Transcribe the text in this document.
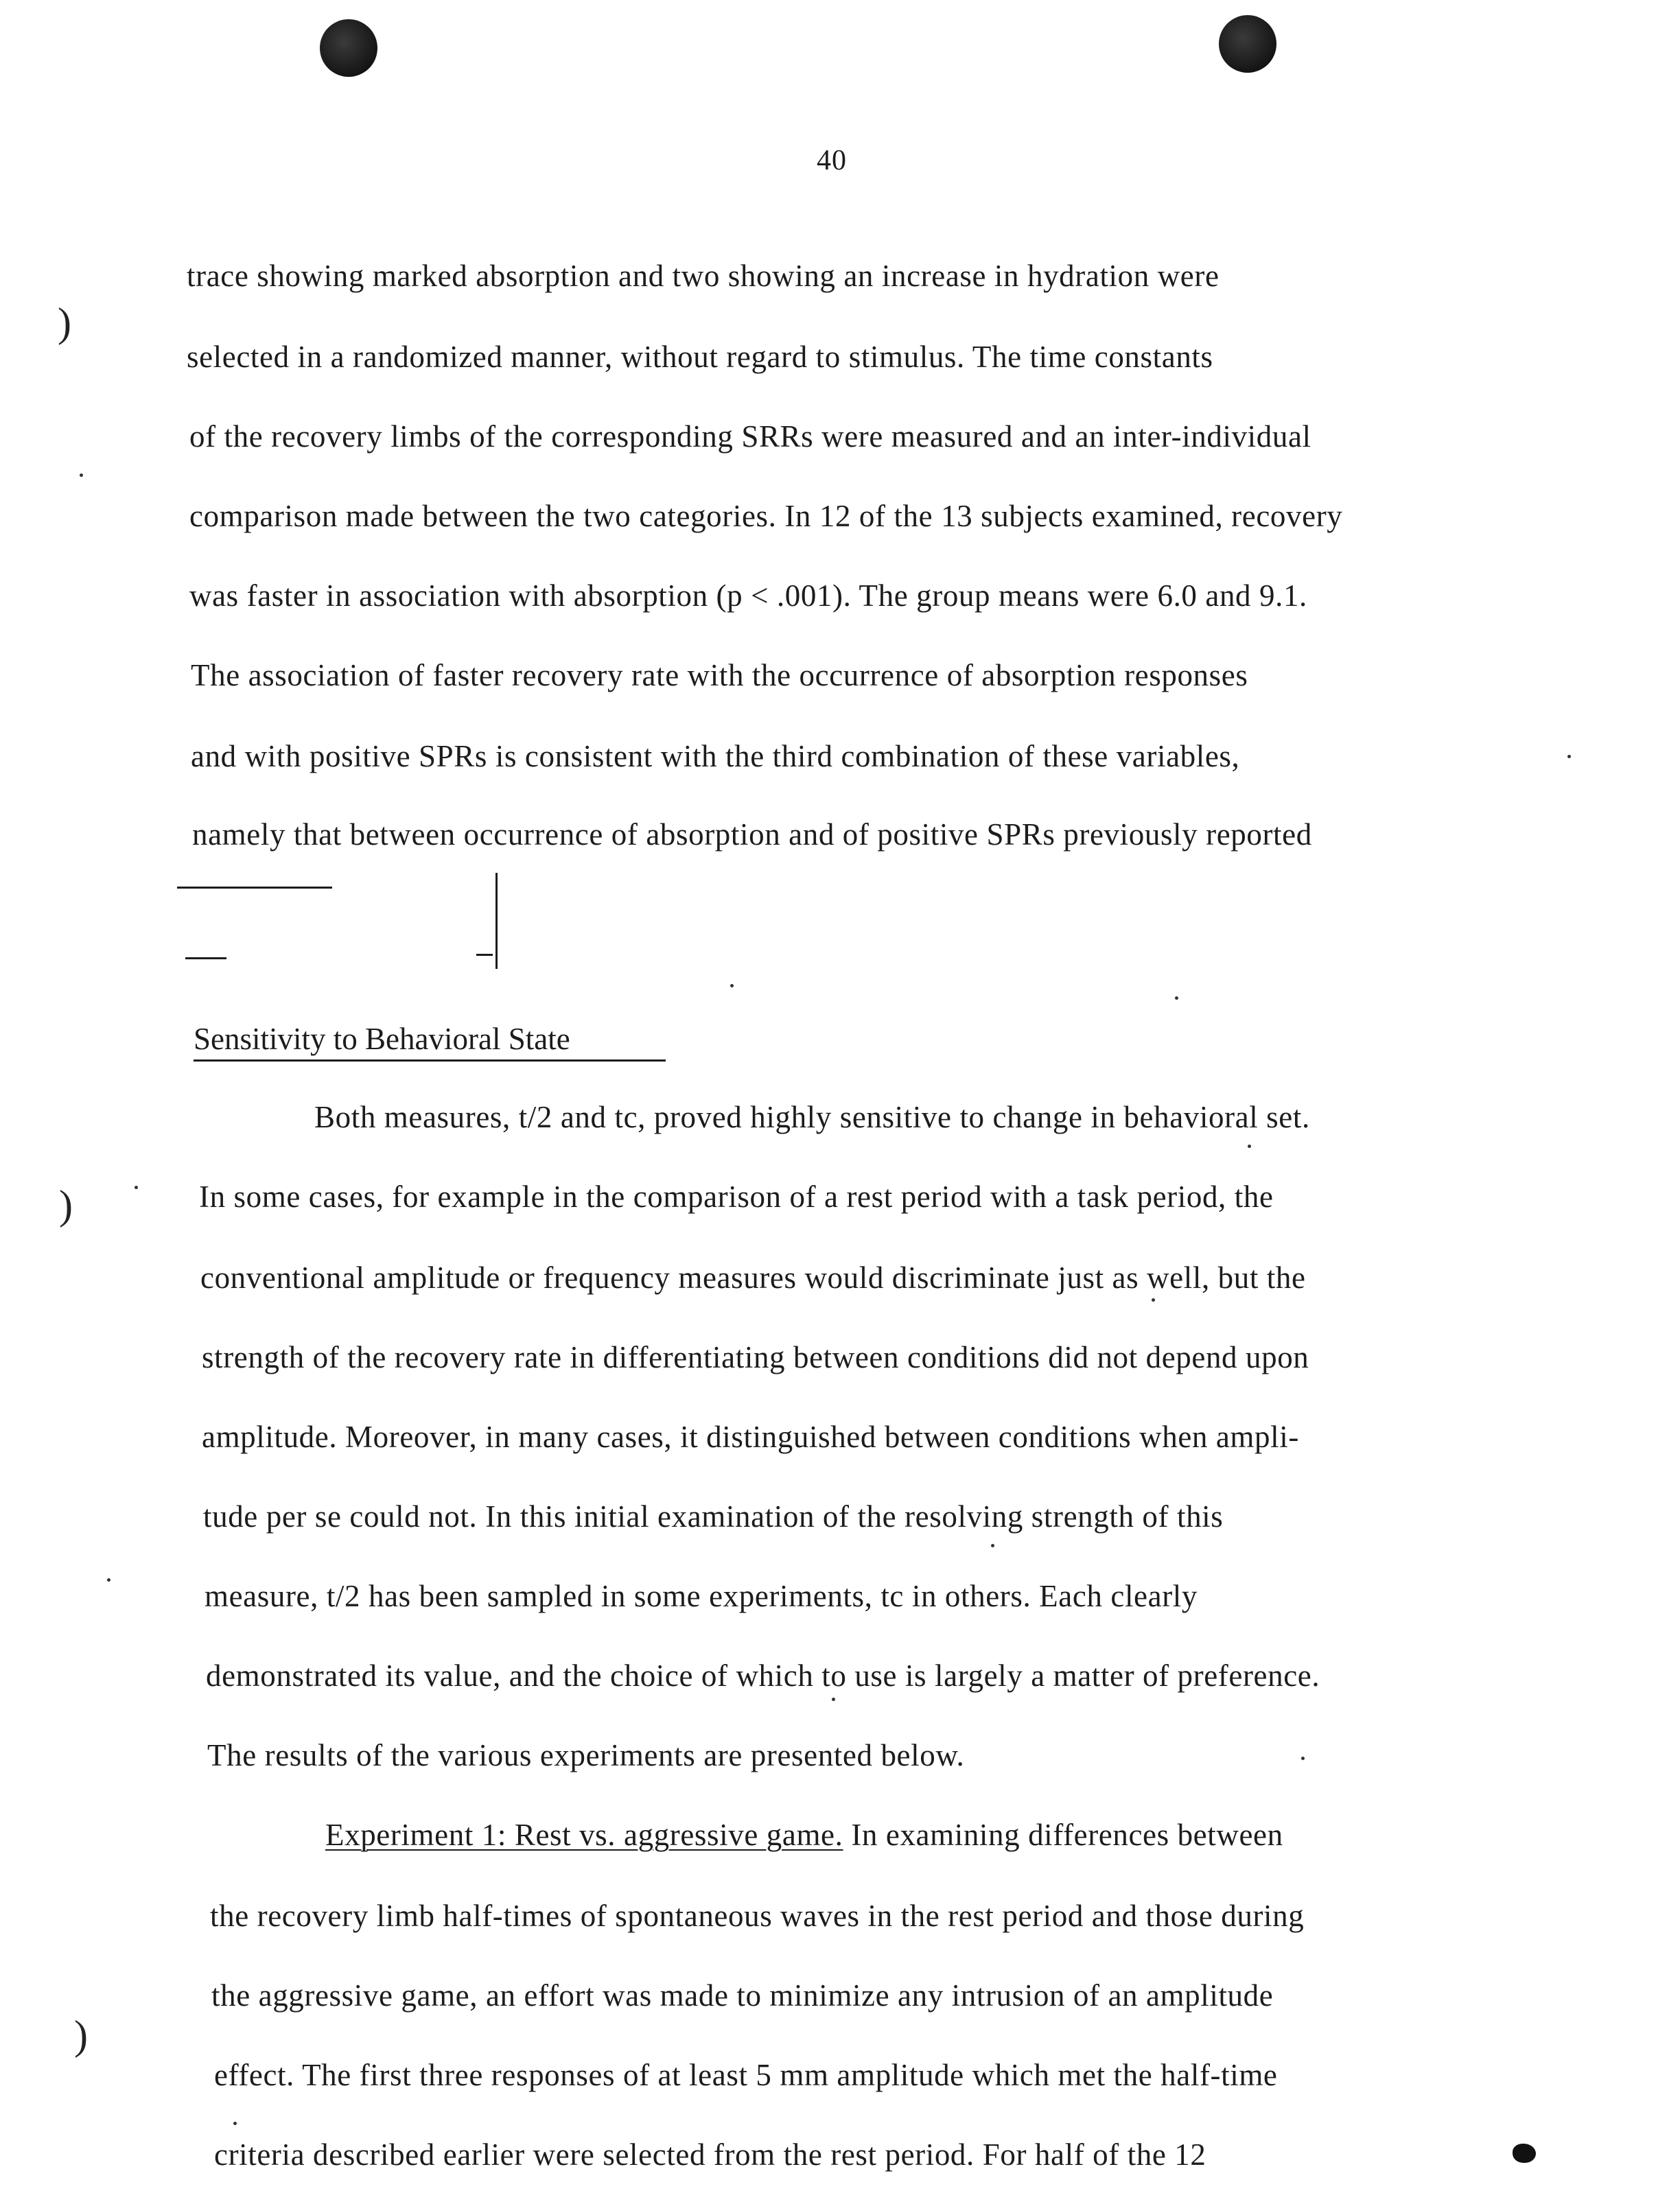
40
)
)
)
trace showing marked absorption and two showing an increase in hydration were
selected in a randomized manner, without regard to stimulus. The time constants
of the recovery limbs of the corresponding SRRs were measured and an inter-individual
comparison made between the two categories. In 12 of the 13 subjects examined, recovery
was faster in association with absorption (p < .001). The group means were 6.0 and 9.1.
The association of faster recovery rate with the occurrence of absorption responses
and with positive SPRs is consistent with the third combination of these variables,
namely that between occurrence of absorption and of positive SPRs previously reported
Sensitivity to Behavioral State
Both measures, t/2 and tc, proved highly sensitive to change in behavioral set.
In some cases, for example in the comparison of a rest period with a task period, the
conventional amplitude or frequency measures would discriminate just as well, but the
strength of the recovery rate in differentiating between conditions did not depend upon
amplitude. Moreover, in many cases, it distinguished between conditions when ampli-
tude per se could not. In this initial examination of the resolving strength of this
measure, t/2 has been sampled in some experiments, tc in others. Each clearly
demonstrated its value, and the choice of which to use is largely a matter of preference.
The results of the various experiments are presented below.
Experiment 1: Rest vs. aggressive game. In examining differences between
the recovery limb half-times of spontaneous waves in the rest period and those during
the aggressive game, an effort was made to minimize any intrusion of an amplitude
effect. The first three responses of at least 5 mm amplitude which met the half-time
criteria described earlier were selected from the rest period. For half of the 12
